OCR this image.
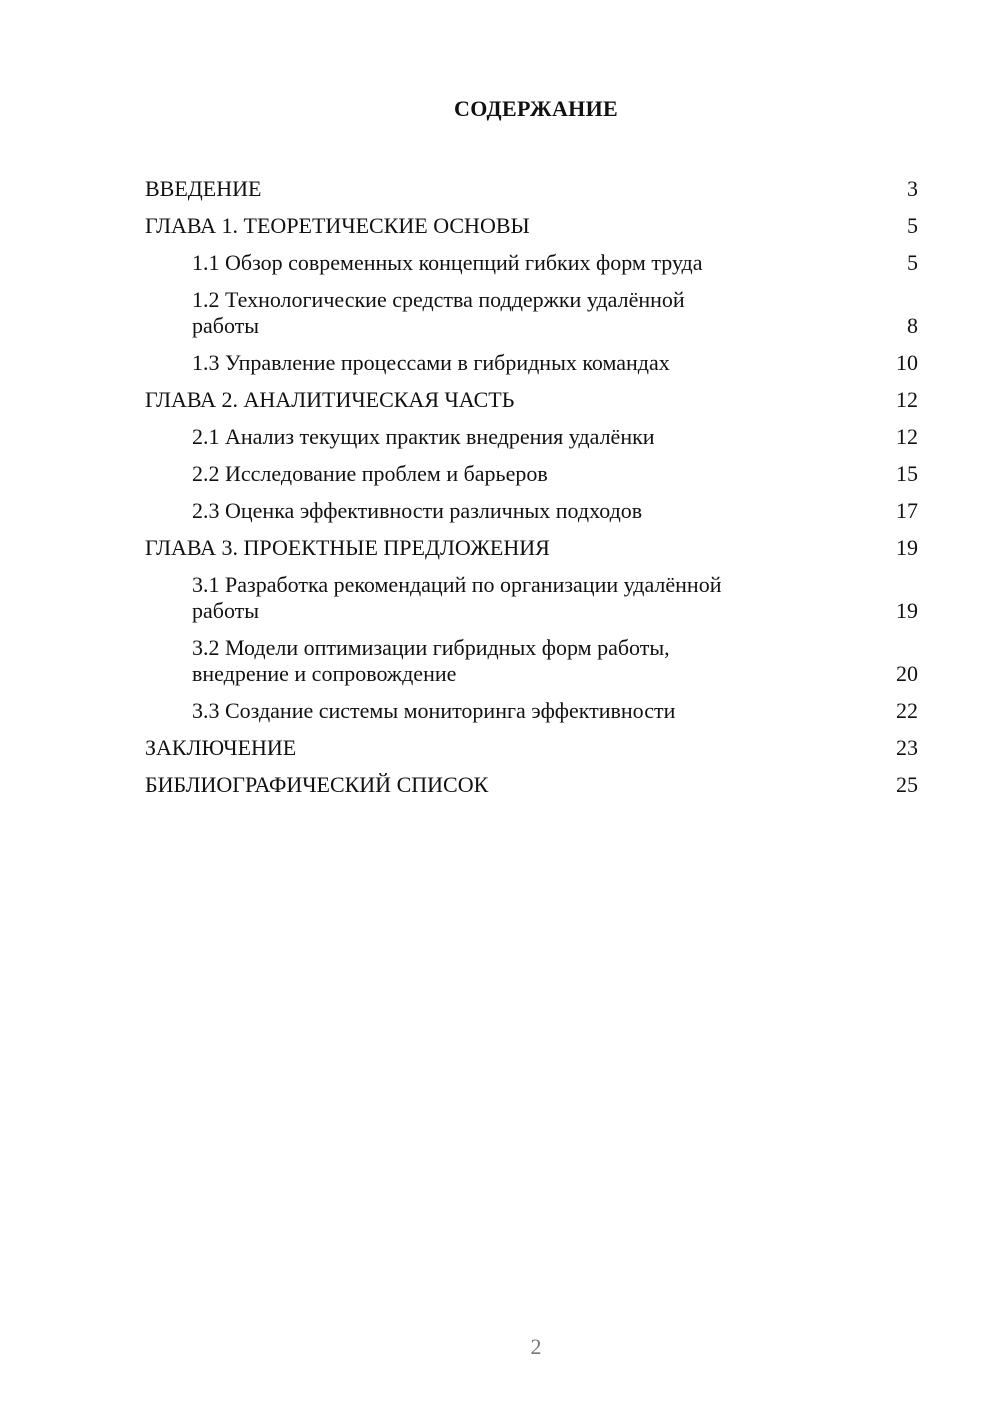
СОДЕРЖАНИЕ
ВВЕДЕНИЕ	3
ГЛАВА 1. ТЕОРЕТИЧЕСКИЕ ОСНОВЫ	5
1.1 Обзор современных концепций гибких форм труда	5
1.2 Технологические средства поддержки удалённой работы	8
1.3 Управление процессами в гибридных командах	10
ГЛАВА 2. АНАЛИТИЧЕСКАЯ ЧАСТЬ	12
2.1 Анализ текущих практик внедрения удалёнки	12
2.2 Исследование проблем и барьеров	15
2.3 Оценка эффективности различных подходов	17
ГЛАВА 3. ПРОЕКТНЫЕ ПРЕДЛОЖЕНИЯ	19
3.1 Разработка рекомендаций по организации удалённой работы	19
3.2 Модели оптимизации гибридных форм работы, внедрение и сопровождение	20
3.3 Создание системы мониторинга эффективности	22
ЗАКЛЮЧЕНИЕ	23
БИБЛИОГРАФИЧЕСКИЙ СПИСОК	25
2
